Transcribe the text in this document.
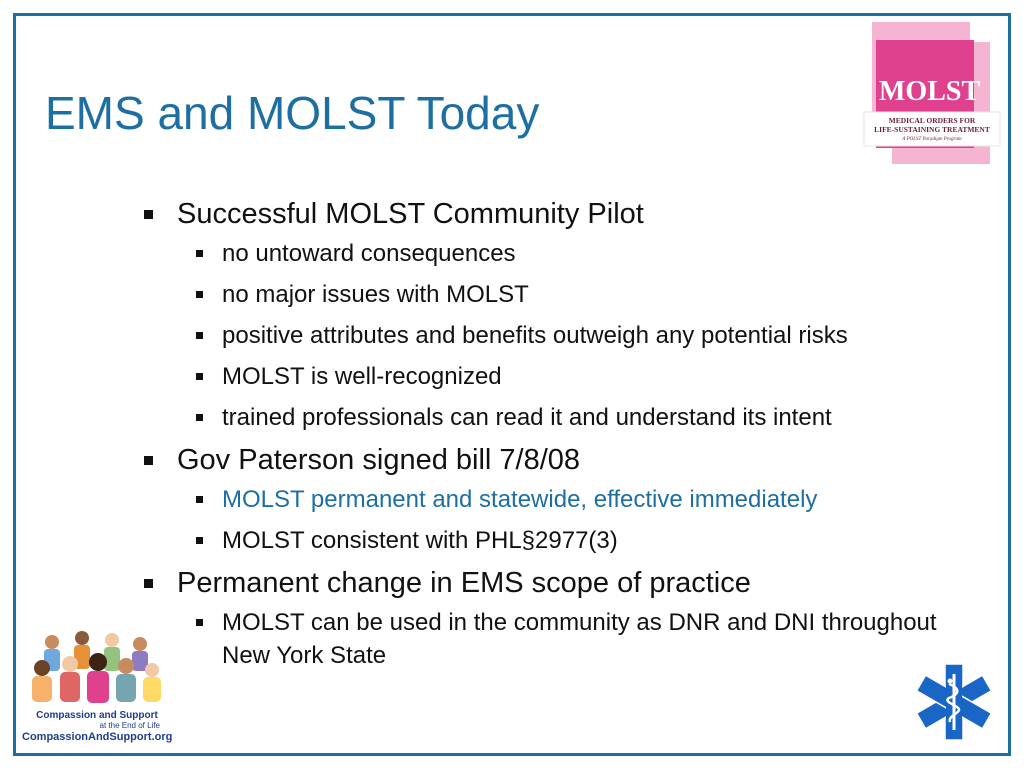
EMS and MOLST Today	MOLST
MEDICAL ORDERS FOR
LIFE-SUSTAINING TREATMENT
A POLST Paradigm Program
Successful MOLST Community Pilot
no untoward consequences
no major issues with MOLST
positive attributes and benefits outweigh any potential risks
MOLST is well-recognized
trained professionals can read it and understand its intent
Gov Paterson signed bill 7/8/08
MOLST permanent and statewide, effective immediately
MOLST consistent with PHL§2977(3)
Permanent change in EMS scope of practice
MOLST can be used in the community as DNR and DNI throughout New York State
Compassion and Support
at the End of Life
CompassionAndSupport.org
